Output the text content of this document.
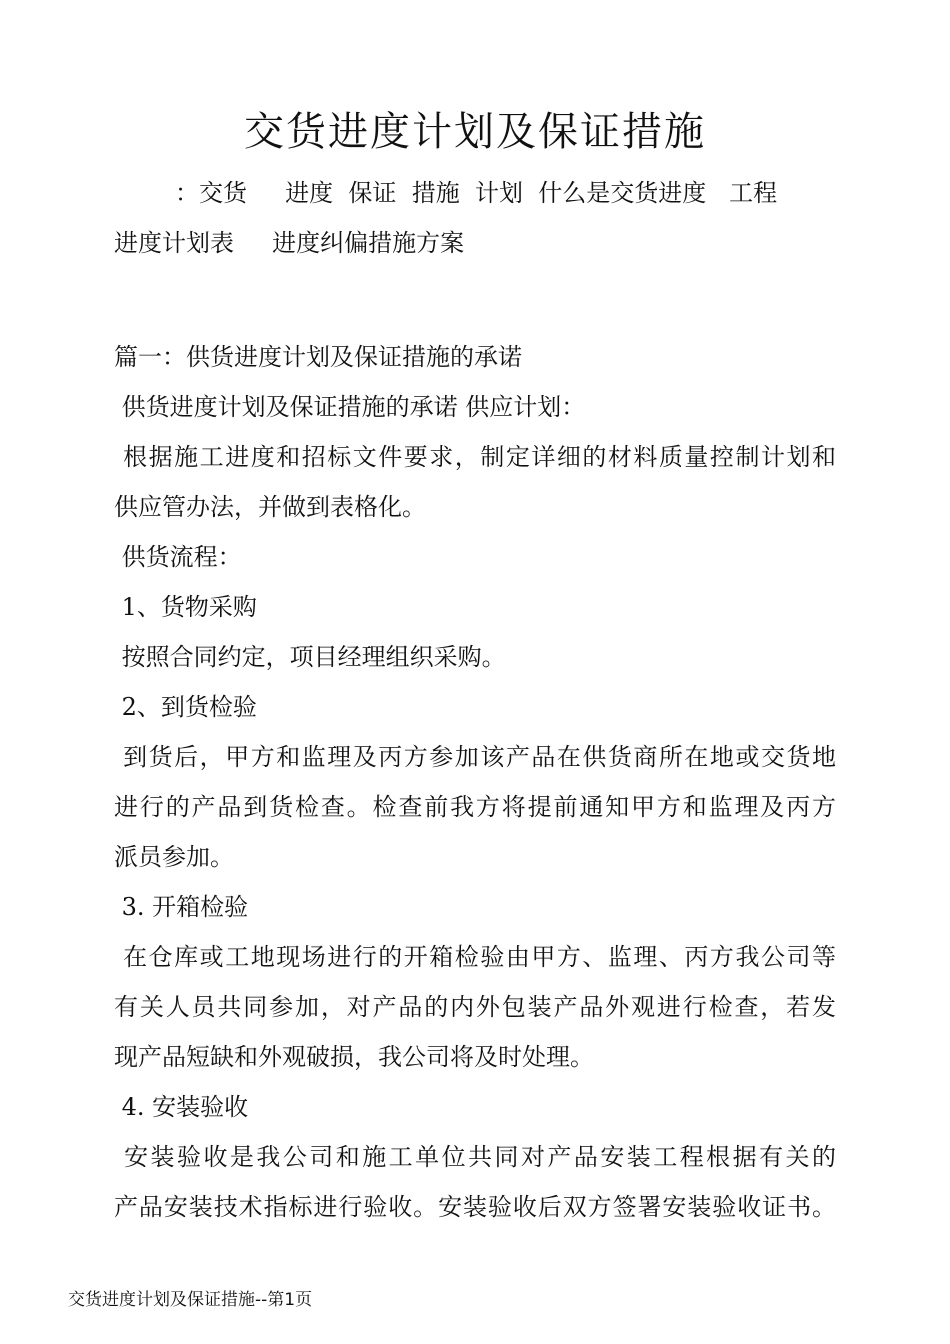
交货进度计划及保证措施
：交货     进度  保证  措施  计划  什么是交货进度   工程
进度计划表     进度纠偏措施方案
篇一：供货进度计划及保证措施的承诺
供货进度计划及保证措施的承诺 供应计划：
根据施工进度和招标文件要求，制定详细的材料质量控制计划和
供应管办法，并做到表格化。
供货流程：
1、货物采购
按照合同约定，项目经理组织采购。
2、到货检验
到货后，甲方和监理及丙方参加该产品在供货商所在地或交货地
进行的产品到货检查。检查前我方将提前通知甲方和监理及丙方
派员参加。
3. 开箱检验
在仓库或工地现场进行的开箱检验由甲方、监理、丙方我公司等
有关人员共同参加，对产品的内外包装产品外观进行检查，若发
现产品短缺和外观破损，我公司将及时处理。
4. 安装验收
安装验收是我公司和施工单位共同对产品安装工程根据有关的
产品安装技术指标进行验收。安装验收后双方签署安装验收证书。
交货进度计划及保证措施--第1页
